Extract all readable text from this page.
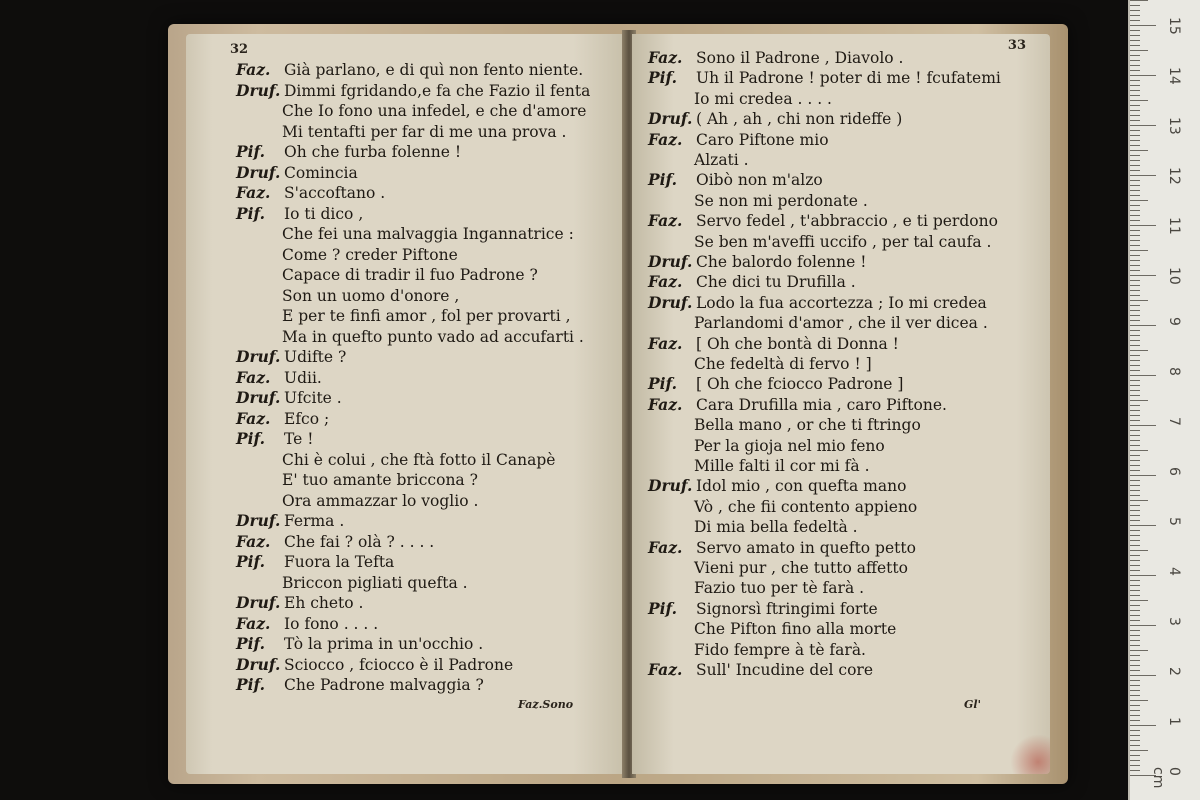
32
Faz. Già parlano, e di quì non fento niente.
Druf. Dimmi fgridando,e fa che Fazio il fenta
Che Io fono una infedel, e che d'amore
Mi tentafti per far di me una prova .
Pif. Oh che furba folenne !
Druf. Comincia
Faz. S'accoftano .
Pif. Io ti dico ,
Che fei una malvaggia Ingannatrice :
Come ? creder Piftone
Capace di tradir il fuo Padrone ?
Son un uomo d'onore ,
E per te finfi amor , fol per provarti ,
Ma in quefto punto vado ad accufarti .
Druf. Udifte ?
Faz. Udii.
Druf. Ufcite .
Faz. Efco ;
Pif. Te !
Chi è colui , che ftà fotto il Canapè
E' tuo amante briccona ?
Ora ammazzar lo voglio .
Druf. Ferma .
Faz. Che fai ? olà ? . . . .
Pif. Fuora la Tefta
Briccon pigliati quefta .
Druf. Eh cheto .
Faz. Io fono . . . .
Pif. Tò la prima in un'occhio .
Druf. Sciocco , fciocco è il Padrone
Pif. Che Padrone malvaggia ?
Faz.Sono
33
Faz. Sono il Padrone , Diavolo .
Pif. Uh il Padrone ! poter di me ! fcufatemi
Io mi credea . . . .
Druf. ( Ah , ah , chi non rideffe )
Faz. Caro Piftone mio
Alzati .
Pif. Oibò non m'alzo
Se non mi perdonate .
Faz. Servo fedel , t'abbraccio , e ti perdono
Se ben m'aveffi uccifo , per tal caufa .
Druf. Che balordo folenne !
Faz. Che dici tu Drufilla .
Druf. Lodo la fua accortezza ; Io mi credea
Parlandomi d'amor , che il ver dicea .
Faz. [ Oh che bontà di Donna !
Che fedeltà di fervo ! ]
Pif. [ Oh che fciocco Padrone ]
Faz. Cara Drufilla mia , caro Piftone.
Bella mano , or che ti ftringo
Per la gioja nel mio feno
Mille falti il cor mi fà .
Druf. Idol mio , con quefta mano
Vò , che fii contento appieno
Di mia bella fedeltà .
Faz. Servo amato in quefto petto
Vieni pur , che tutto affetto
Fazio tuo per tè farà .
Pif. Signorsì ftringimi forte
Che Pifton fino alla morte
Fido fempre à tè farà.
Faz. Sull' Incudine del core
Gl'
15
14
13
12
11
10
9
8
7
6
5
4
3
2
1
0 cm
